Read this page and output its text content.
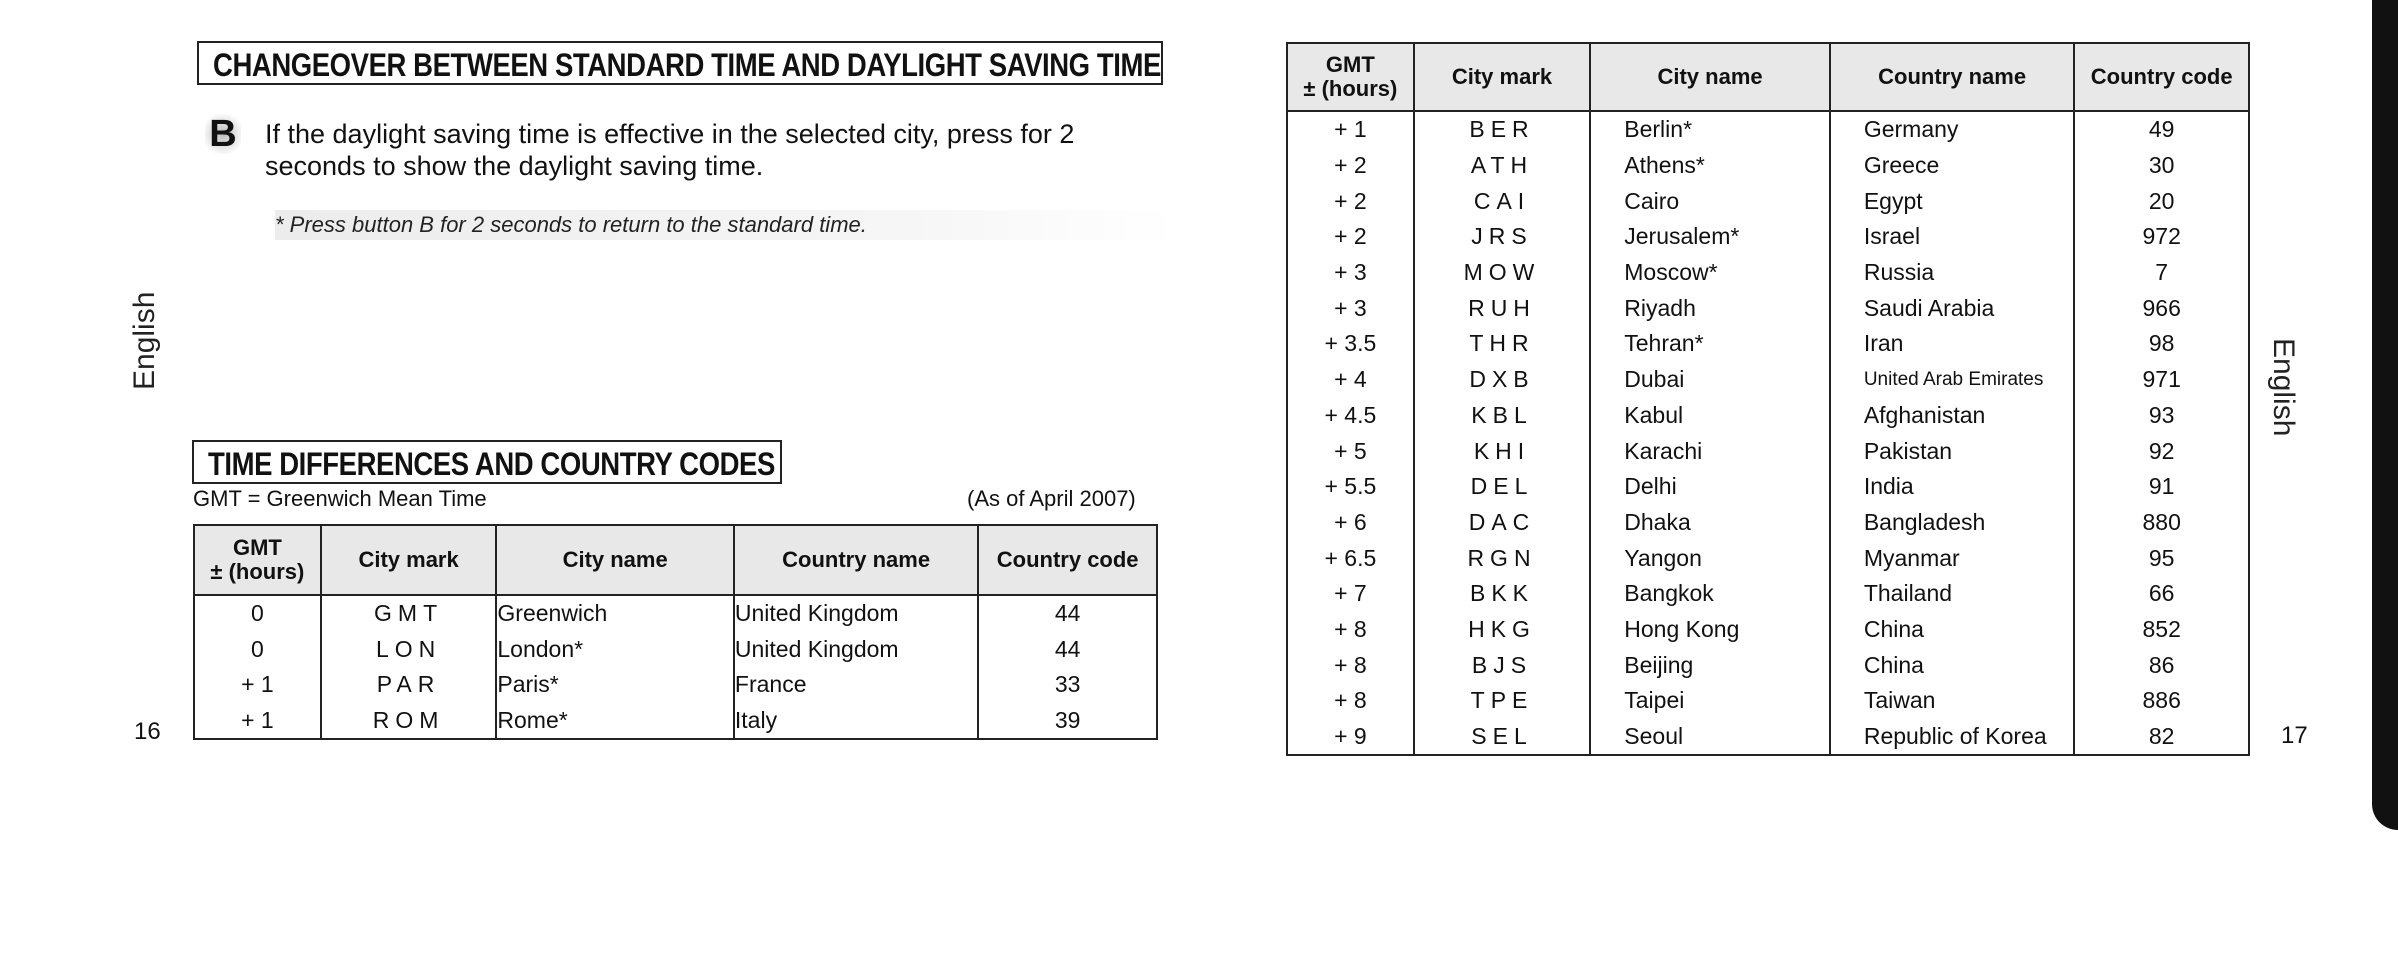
CHANGEOVER BETWEEN STANDARD TIME AND DAYLIGHT SAVING TIME
B If the daylight saving time is effective in the selected city, press for 2 seconds to show the daylight saving time.
* Press button B for 2 seconds to return to the standard time.
English
TIME DIFFERENCES AND COUNTRY CODES
GMT = Greenwich Mean Time	(As of April 2007)
GMT
± (hours)	City mark	City name	Country name	Country code
0	GMT	Greenwich	United Kingdom	44
0	LON	London*	United Kingdom	44
+ 1	PAR	Paris*	France	33
+ 1	ROM	Rome*	Italy	39
16
GMT
± (hours)	City mark	City name	Country name	Country code
+ 1	BER	Berlin*	Germany	49
+ 2	ATH	Athens*	Greece	30
+ 2	CAI	Cairo	Egypt	20
+ 2	JRS	Jerusalem*	Israel	972
+ 3	MOW	Moscow*	Russia	7
+ 3	RUH	Riyadh	Saudi Arabia	966
+ 3.5	THR	Tehran*	Iran	98
+ 4	DXB	Dubai	United Arab Emirates	971
+ 4.5	KBL	Kabul	Afghanistan	93
+ 5	KHI	Karachi	Pakistan	92
+ 5.5	DEL	Delhi	India	91
+ 6	DAC	Dhaka	Bangladesh	880
+ 6.5	RGN	Yangon	Myanmar	95
+ 7	BKK	Bangkok	Thailand	66
+ 8	HKG	Hong Kong	China	852
+ 8	BJS	Beijing	China	86
+ 8	TPE	Taipei	Taiwan	886
+ 9	SEL	Seoul	Republic of Korea	82
English
17
